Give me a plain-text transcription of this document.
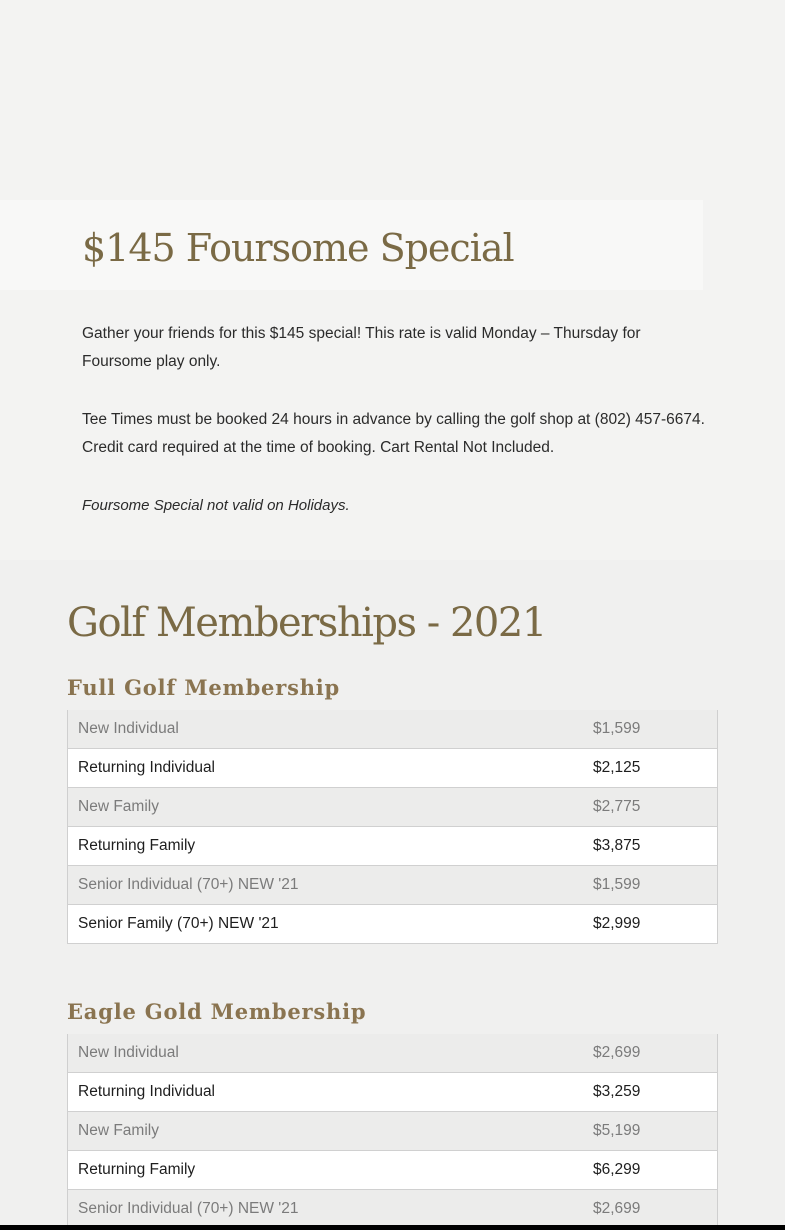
$145 Foursome Special

Gather your friends for this $145 special! This rate is valid Monday – Thursday for Foursome play only.

Tee Times must be booked 24 hours in advance by calling the golf shop at (802) 457-6674. Credit card required at the time of booking. Cart Rental Not Included.

Foursome Special not valid on Holidays.

Golf Memberships - 2021
Full Golf Membership
New Individual	$1,599
Returning Individual	$2,125
New Family	$2,775
Returning Family	$3,875
Senior Individual (70+) NEW '21	$1,599
Senior Family (70+) NEW '21	$2,999
Eagle Gold Membership
New Individual	$2,699
Returning Individual	$3,259
New Family	$5,199
Returning Family	$6,299
Senior Individual (70+) NEW '21	$2,699
